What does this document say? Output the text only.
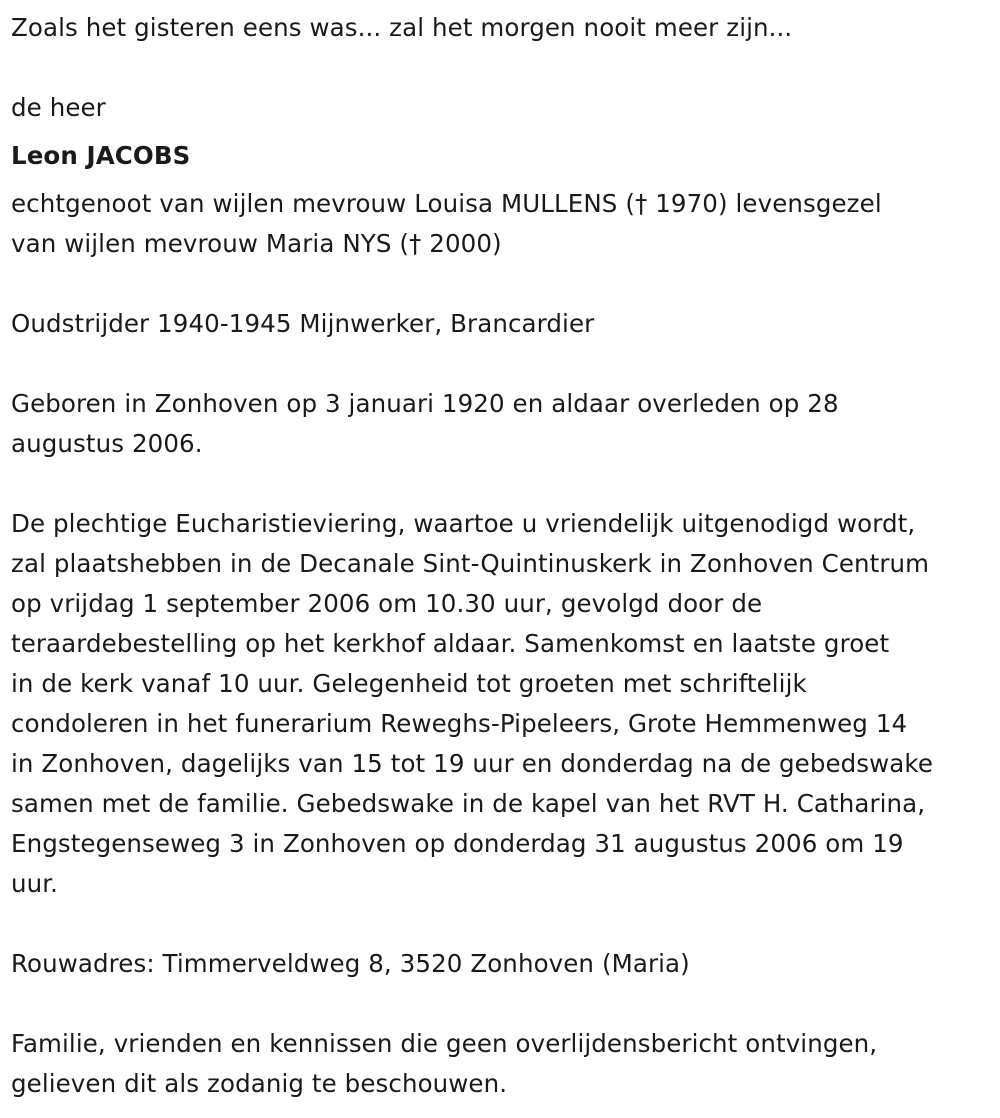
Zoals het gisteren eens was... zal het morgen nooit meer zijn...

de heer

Leon JACOBS

echtgenoot van wijlen mevrouw Louisa MULLENS († 1970) levensgezel

van wijlen mevrouw Maria NYS († 2000)

Oudstrijder 1940-1945 Mijnwerker, Brancardier

Geboren in Zonhoven op 3 januari 1920 en aldaar overleden op 28

augustus 2006.

De plechtige Eucharistieviering, waartoe u vriendelijk uitgenodigd wordt,

zal plaatshebben in de Decanale Sint-Quintinuskerk in Zonhoven Centrum

op vrijdag 1 september 2006 om 10.30 uur, gevolgd door de

teraardebestelling op het kerkhof aldaar. Samenkomst en laatste groet

in de kerk vanaf 10 uur. Gelegenheid tot groeten met schriftelijk

condoleren in het funerarium Reweghs-Pipeleers, Grote Hemmenweg 14

in Zonhoven, dagelijks van 15 tot 19 uur en donderdag na de gebedswake

samen met de familie. Gebedswake in de kapel van het RVT H. Catharina,

Engstegenseweg 3 in Zonhoven op donderdag 31 augustus 2006 om 19

uur.

Rouwadres: Timmerveldweg 8, 3520 Zonhoven (Maria)

Familie, vrienden en kennissen die geen overlijdensbericht ontvingen,

gelieven dit als zodanig te beschouwen.
